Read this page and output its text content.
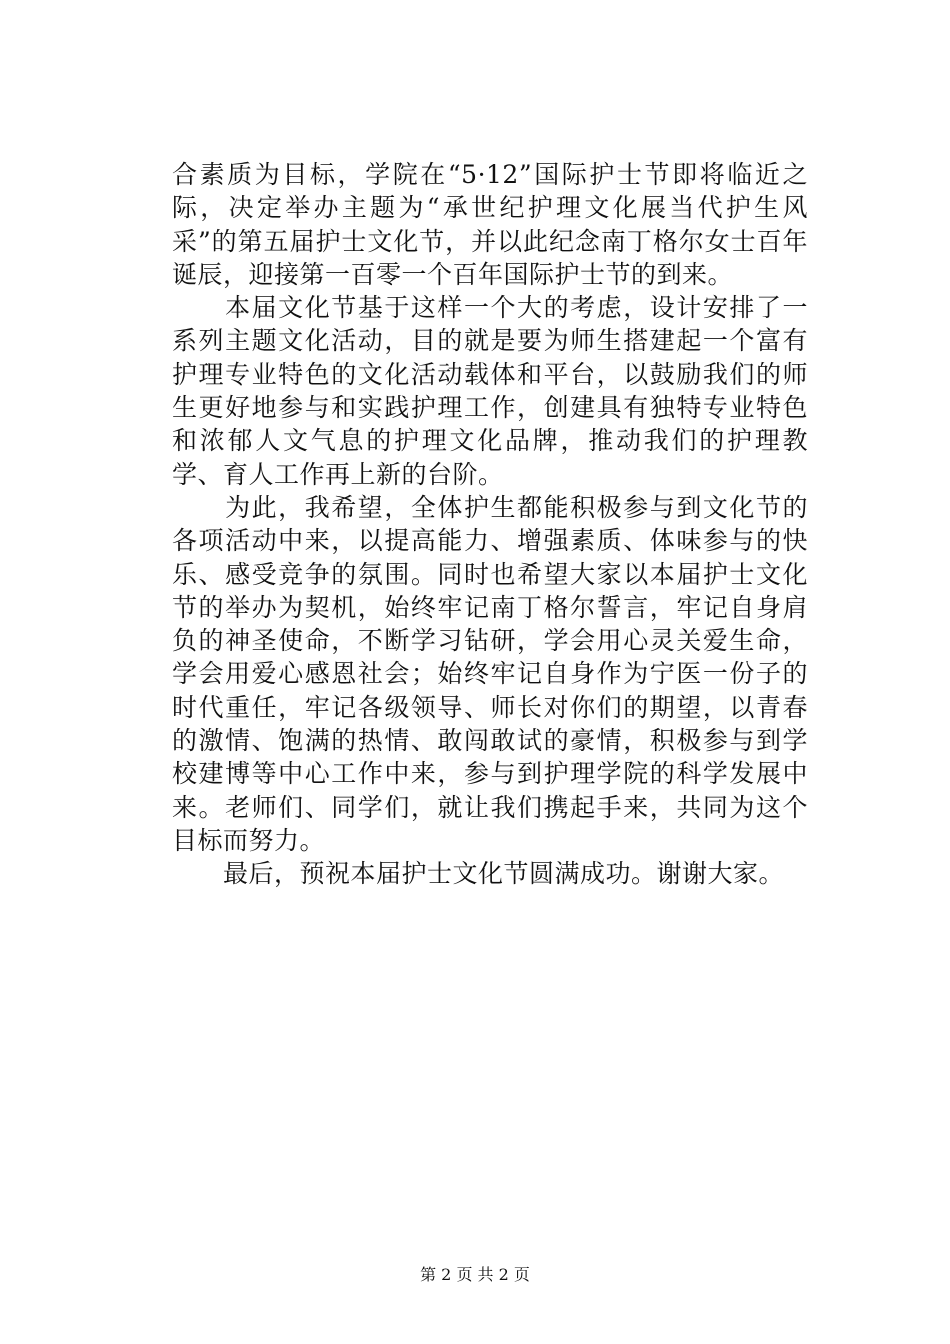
合素质为目标，学院在“5·12”国际护士节即将临近之际，决定举办主题为“承世纪护理文化展当代护生风采”的第五届护士文化节，并以此纪念南丁格尔女士百年诞辰，迎接第一百零一个百年国际护士节的到来。

　　本届文化节基于这样一个大的考虑，设计安排了一系列主题文化活动，目的就是要为师生搭建起一个富有护理专业特色的文化活动载体和平台，以鼓励我们的师生更好地参与和实践护理工作，创建具有独特专业特色和浓郁人文气息的护理文化品牌，推动我们的护理教学、育人工作再上新的台阶。

　　为此，我希望，全体护生都能积极参与到文化节的各项活动中来，以提高能力、增强素质、体味参与的快乐、感受竞争的氛围。同时也希望大家以本届护士文化节的举办为契机，始终牢记南丁格尔誓言，牢记自身肩负的神圣使命，不断学习钻研，学会用心灵关爱生命，学会用爱心感恩社会；始终牢记自身作为宁医一份子的时代重任，牢记各级领导、师长对你们的期望，以青春的激情、饱满的热情、敢闯敢试的豪情，积极参与到学校建博等中心工作中来，参与到护理学院的科学发展中来。老师们、同学们，就让我们携起手来，共同为这个目标而努力。

　　最后，预祝本届护士文化节圆满成功。谢谢大家。

第 2 页 共 2 页
